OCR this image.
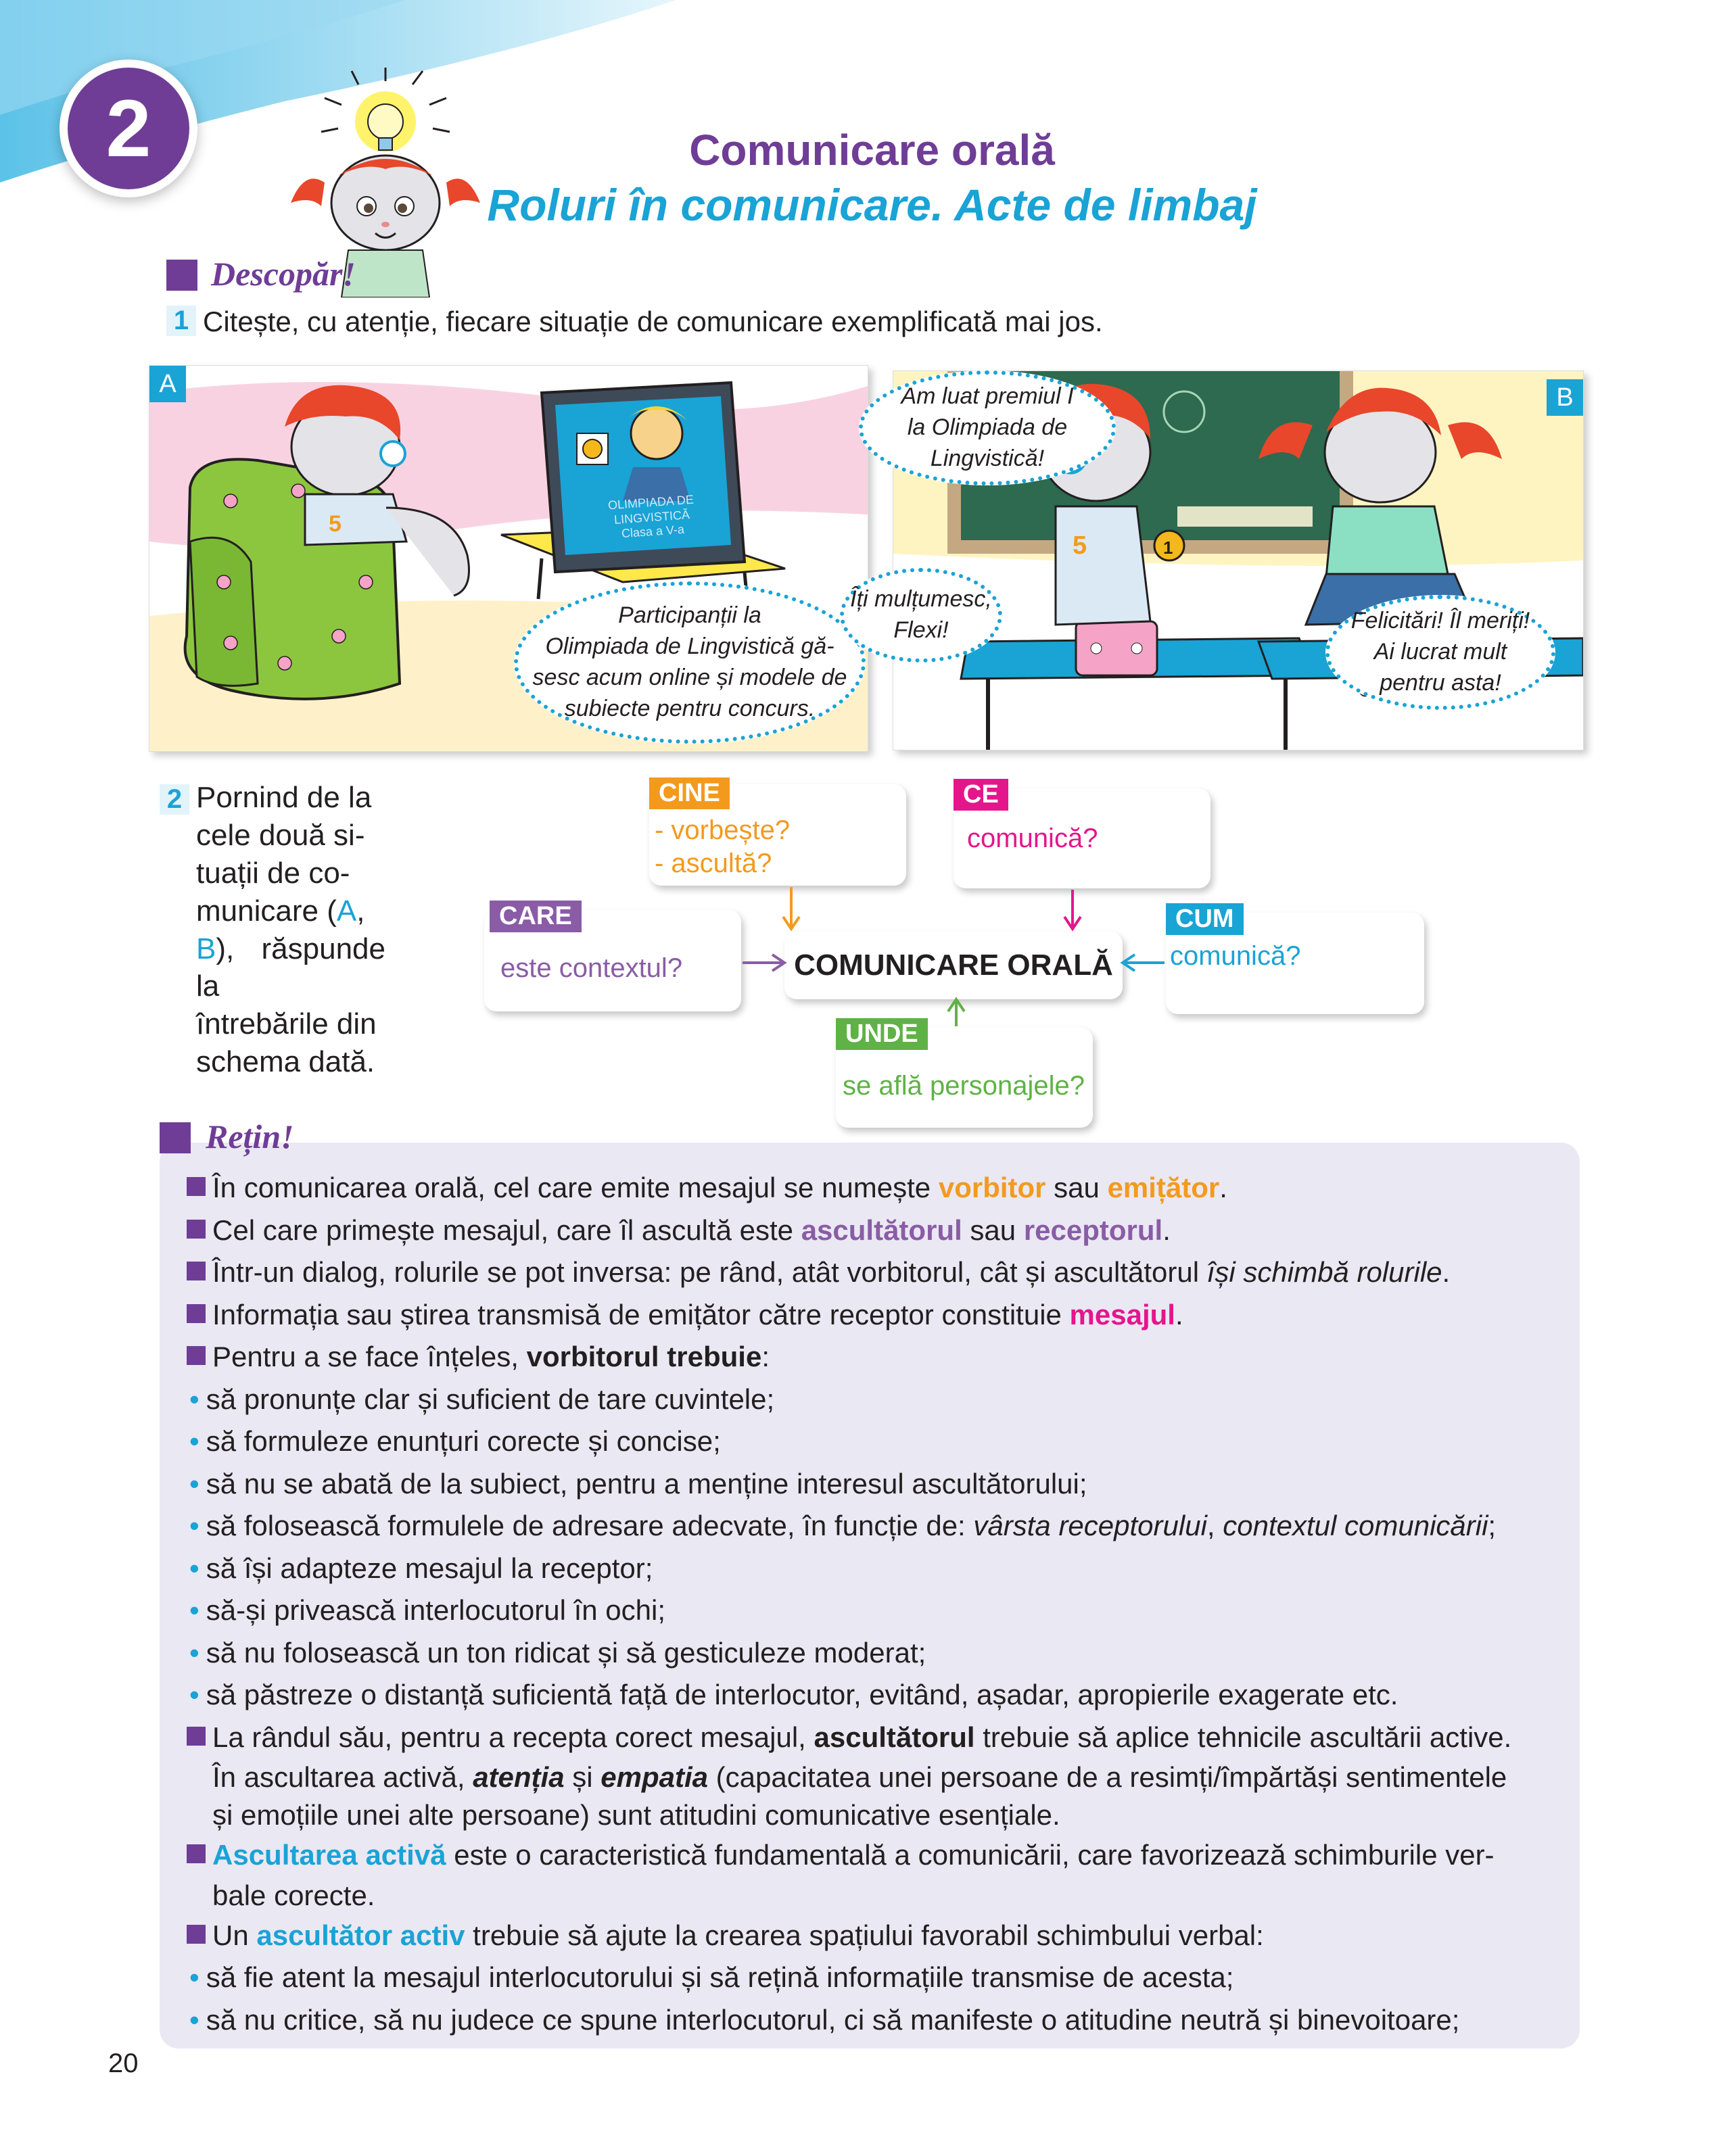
2	Comunicare orală
Roluri în comunicare. Acte de limbaj
Descopăr!
1 Citește, cu atenție, fiecare situație de comunicare exemplificată mai jos.
5
A
OLIMPIADA DE LINGVISTICĂ
Clasa a V-a
Participanții la
Olimpiada de Lingvistică gă-
sesc acum online și modele de
subiecte pentru concurs.
5	1
B
Am luat premiul I
la Olimpiada de
Lingvistică!
Îți mulțumesc,
Flexi!	Felicitări! Îl meriți!
Ai lucrat mult
pentru asta!
2 Pornind de la
cele două si-
tuații de co-
municare (A,
B), răspunde la
întrebările din
schema dată.
CINE
- vorbește?
- ascultă?
CE
comunică?
CARE
este contextul?
CUM
comunică?
COMUNICARE ORALĂ
UNDE
se află personajele?
Rețin!
În comunicarea orală, cel care emite mesajul se numește vorbitor sau emițător.
Cel care primește mesajul, care îl ascultă este ascultătorul sau receptorul.
Într-un dialog, rolurile se pot inversa: pe rând, atât vorbitorul, cât și ascultătorul își schimbă rolurile.
Informația sau știrea transmisă de emițător către receptor constituie mesajul.
Pentru a se face înțeles, vorbitorul trebuie:
• să pronunțe clar și suficient de tare cuvintele;
• să formuleze enunțuri corecte și concise;
• să nu se abată de la subiect, pentru a menține interesul ascultătorului;
• să folosească formulele de adresare adecvate, în funcție de: vârsta receptorului, contextul comunicării;
• să își adapteze mesajul la receptor;
• să-și privească interlocutorul în ochi;
• să nu folosească un ton ridicat și să gesticuleze moderat;
• să păstreze o distanță suficientă față de interlocutor, evitând, așadar, apropierile exagerate etc.
La rândul său, pentru a recepta corect mesajul, ascultătorul trebuie să aplice tehnicile ascultării active.
În ascultarea activă, atenția și empatia (capacitatea unei persoane de a resimți/împărtăși sentimentele
și emoțiile unei alte persoane) sunt atitudini comunicative esențiale.
Ascultarea activă este o caracteristică fundamentală a comunicării, care favorizează schimburile ver-
bale corecte.
Un ascultător activ trebuie să ajute la crearea spațiului favorabil schimbului verbal:
• să fie atent la mesajul interlocutorului și să rețină informațiile transmise de acesta;
• să nu critice, să nu judece ce spune interlocutorul, ci să manifeste o atitudine neutră și binevoitoare;
20
